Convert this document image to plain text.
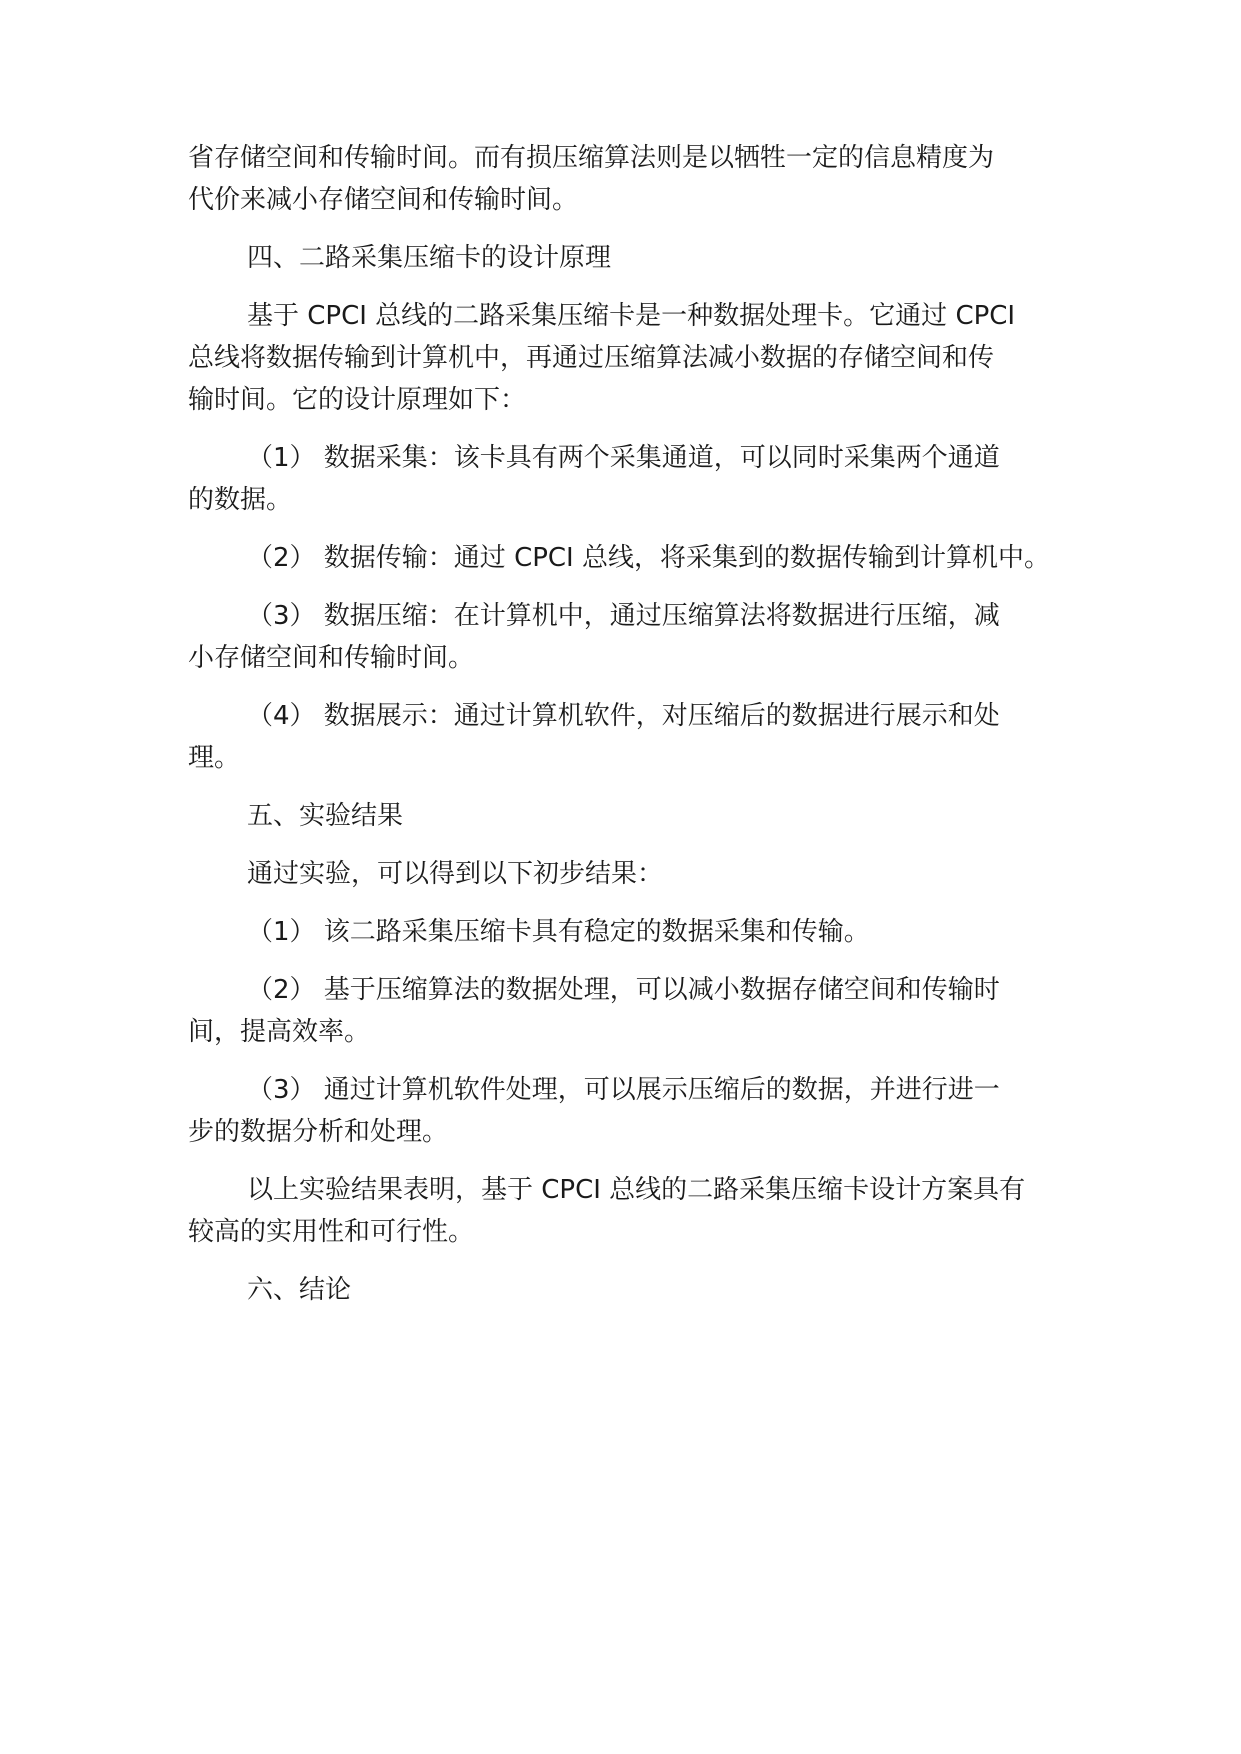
省存储空间和传输时间。而有损压缩算法则是以牺牲一定的信息精度为

代价来减小存储空间和传输时间。

四、二路采集压缩卡的设计原理

基于 CPCI 总线的二路采集压缩卡是一种数据处理卡。它通过 CPCI

总线将数据传输到计算机中，再通过压缩算法减小数据的存储空间和传

输时间。它的设计原理如下：

（1） 数据采集：该卡具有两个采集通道，可以同时采集两个通道

的数据。

（2） 数据传输：通过 CPCI 总线，将采集到的数据传输到计算机中。

（3） 数据压缩：在计算机中，通过压缩算法将数据进行压缩，减

小存储空间和传输时间。

（4） 数据展示：通过计算机软件，对压缩后的数据进行展示和处

理。

五、实验结果

通过实验，可以得到以下初步结果：

（1） 该二路采集压缩卡具有稳定的数据采集和传输。

（2） 基于压缩算法的数据处理，可以减小数据存储空间和传输时

间，提高效率。

（3） 通过计算机软件处理，可以展示压缩后的数据，并进行进一

步的数据分析和处理。

以上实验结果表明，基于 CPCI 总线的二路采集压缩卡设计方案具有

较高的实用性和可行性。

六、结论
